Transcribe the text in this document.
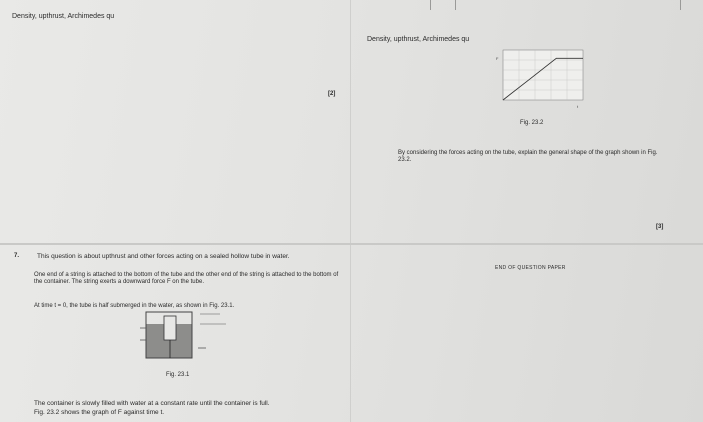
Density, upthrust, Archimedes qu
Density, upthrust, Archimedes qu
[2]
F
t
Fig. 23.2
By considering the forces acting on the tube, explain the general shape of the graph shown in Fig. 23.2.
[3]
END OF QUESTION PAPER
7.	This question is about upthrust and other forces acting on a sealed hollow tube in water.
One end of a string is attached to the bottom of the tube and the other end of the string is attached to the bottom of the container. The string exerts a downward force F on the tube.
At time t = 0, the tube is half submerged in the water, as shown in Fig. 23.1.
Fig. 23.1
The container is slowly filled with water at a constant rate until the container is full.
Fig. 23.2 shows the graph of F against time t.
